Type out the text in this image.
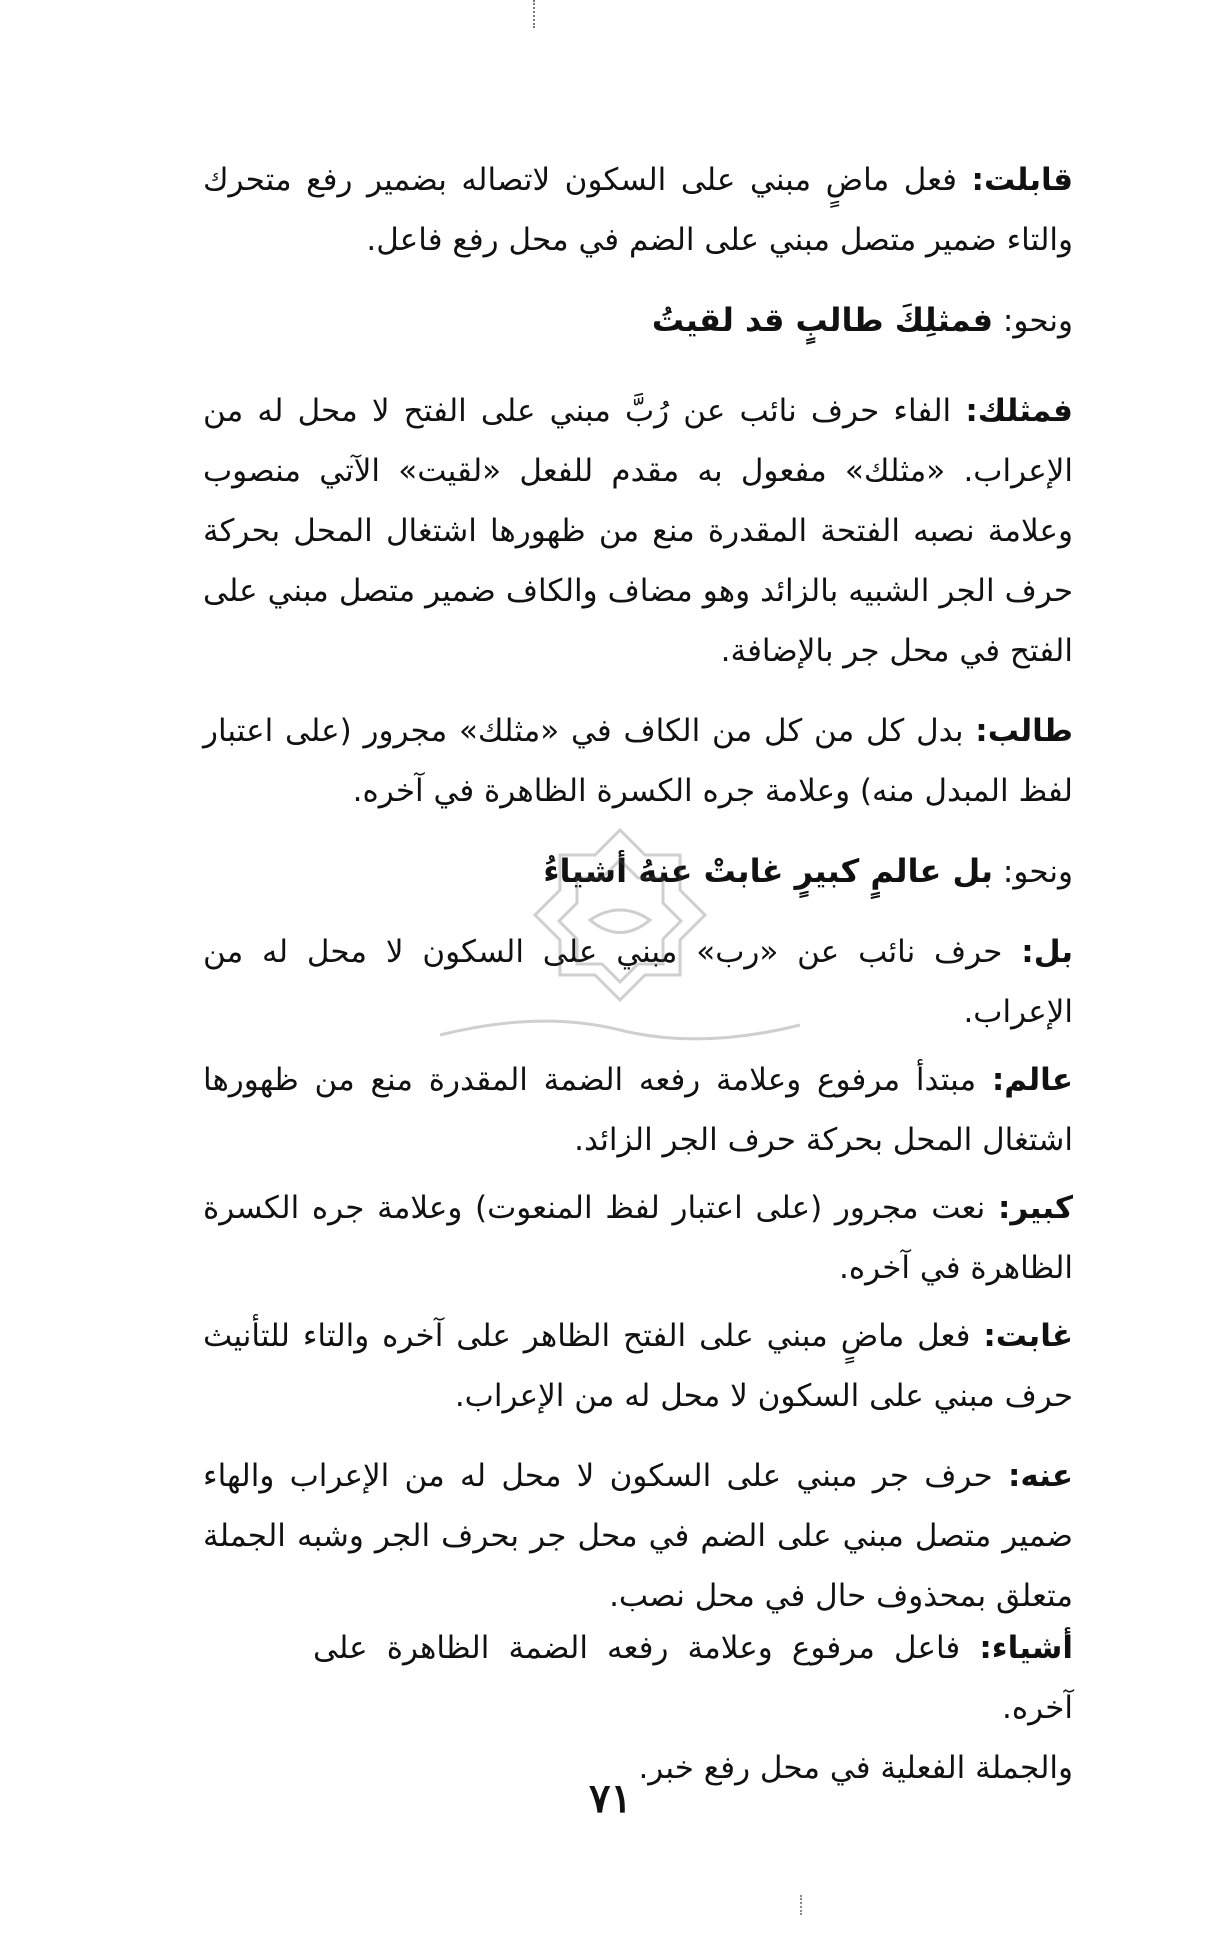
قابلت: فعل ماضٍ مبني على السكون لاتصاله بضمير رفع متحرك والتاء ضمير متصل مبني على الضم في محل رفع فاعل.

ونحو: فمثلِكَ طالبٍ قد لقيتُ

فمثلك: الفاء حرف نائب عن رُبَّ مبني على الفتح لا محل له من الإعراب. «مثلك» مفعول به مقدم للفعل «لقيت» الآتي منصوب وعلامة نصبه الفتحة المقدرة منع من ظهورها اشتغال المحل بحركة حرف الجر الشبيه بالزائد وهو مضاف والكاف ضمير متصل مبني على الفتح في محل جر بالإضافة.

طالب: بدل كل من كل من الكاف في «مثلك» مجرور (على اعتبار لفظ المبدل منه) وعلامة جره الكسرة الظاهرة في آخره.

ونحو: بل عالمٍ كبيرٍ غابتْ عنهُ أشياءُ

بل: حرف نائب عن «رب» مبني على السكون لا محل له من الإعراب.

عالم: مبتدأ مرفوع وعلامة رفعه الضمة المقدرة منع من ظهورها اشتغال المحل بحركة حرف الجر الزائد.

كبير: نعت مجرور (على اعتبار لفظ المنعوت) وعلامة جره الكسرة الظاهرة في آخره.

غابت: فعل ماضٍ مبني على الفتح الظاهر على آخره والتاء للتأنيث حرف مبني على السكون لا محل له من الإعراب.

عنه: حرف جر مبني على السكون لا محل له من الإعراب والهاء ضمير متصل مبني على الضم في محل جر بحرف الجر وشبه الجملة متعلق بمحذوف حال في محل نصب.

أشياء: فاعل مرفوع وعلامة رفعه الضمة الظاهرة على آخره.

والجملة الفعلية في محل رفع خبر.

٧١
